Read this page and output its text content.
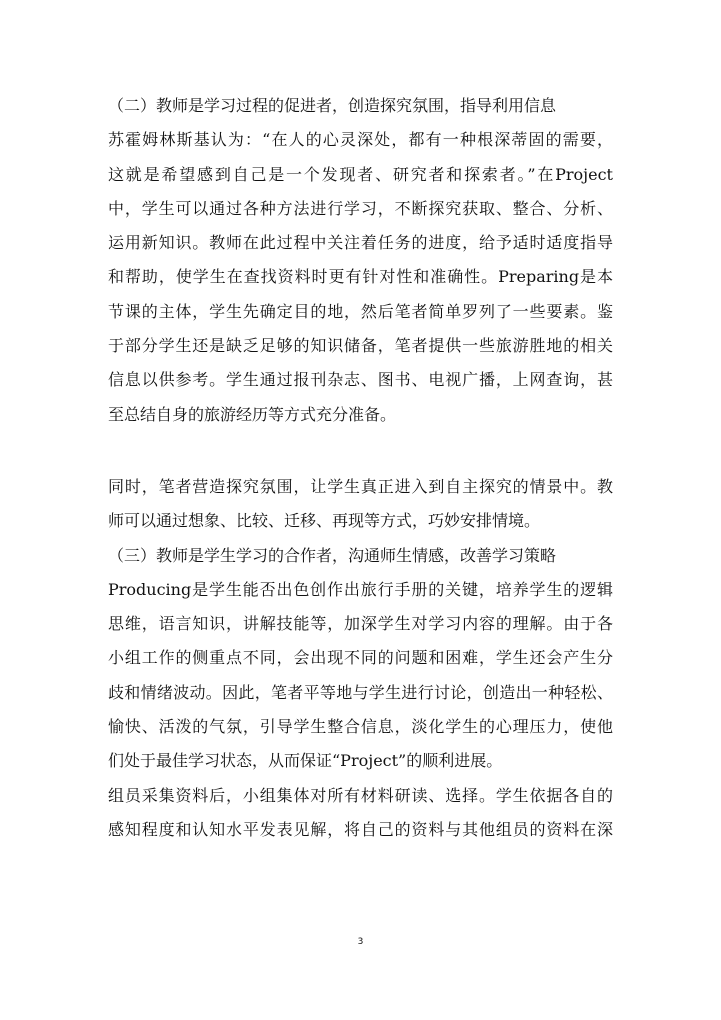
（二）教师是学习过程的促进者，创造探究氛围，指导利用信息
苏霍姆林斯基认为：“在人的心灵深处，都有一种根深蒂固的需要，
这就是希望感到自己是一个发现者、研究者和探索者。”在Project
中，学生可以通过各种方法进行学习，不断探究获取、整合、分析、
运用新知识。教师在此过程中关注着任务的进度，给予适时适度指导
和帮助，使学生在查找资料时更有针对性和准确性。Preparing是本
节课的主体，学生先确定目的地，然后笔者简单罗列了一些要素。鉴
于部分学生还是缺乏足够的知识储备，笔者提供一些旅游胜地的相关
信息以供参考。学生通过报刊杂志、图书、电视广播，上网查询，甚
至总结自身的旅游经历等方式充分准备。
同时，笔者营造探究氛围，让学生真正进入到自主探究的情景中。教
师可以通过想象、比较、迁移、再现等方式，巧妙安排情境。
（三）教师是学生学习的合作者，沟通师生情感，改善学习策略
Producing是学生能否出色创作出旅行手册的关键，培养学生的逻辑
思维，语言知识，讲解技能等，加深学生对学习内容的理解。由于各
小组工作的侧重点不同，会出现不同的问题和困难，学生还会产生分
歧和情绪波动。因此，笔者平等地与学生进行讨论，创造出一种轻松、
愉快、活泼的气氛，引导学生整合信息，淡化学生的心理压力，使他
们处于最佳学习状态，从而保证“Project”的顺利进展。
组员采集资料后，小组集体对所有材料研读、选择。学生依据各自的
感知程度和认知水平发表见解，将自己的资料与其他组员的资料在深
3
